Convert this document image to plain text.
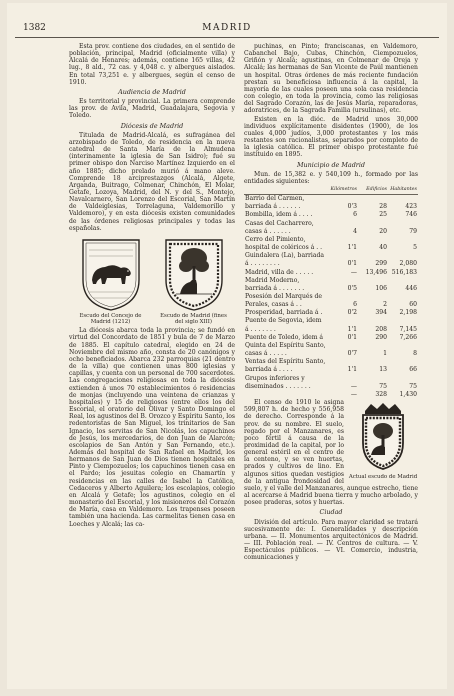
1382	MADRID

Esta prov. contiene dos ciudades, en el sentido de población, principal, Madrid (oficialmente villa) y Alcalá de Henares; además, contiene 165 villas, 42 lug., 8 ald., 72 cas. y 4,048 c. y albergues aislados. En total 73,251 e. y albergues, según el censo de 1910.

Audiencia de Madrid

Es territorial y provincial. La primera comprende las prov. de Avila, Madrid, Guadalajara, Segovia y Toledo.

Diócesis de Madrid

Titulada de Madrid-Alcalá, es sufragánea del arzobispado de Toledo, de residencia en la nueva catedral de Santa María de la Almudena (interinamente la iglesia de San Isidro); fué su primer obispo don Narciso Martínez Izquierdo en el año 1885; dicho prelado murió á mano aleve. Comprende 18 arciprestazgos (Alcalá, Algete, Arganda, Buitrago, Colmenar, Chinchón, El Molar, Getafe, Lozoya, Madrid, del N. y del S., Montejo, Navalcarnero, San Lorenzo del Escorial, San Martín de Valdeiglesias, Torrelaguna, Valdemorillo y Valdemoro), y en esta diócesis existen comunidades de las órdenes religiosas principales y todas las españolas.

Escudo del Concejo de Madrid (1212)
Escudo de Madrid (fines del siglo XIII)

La diócesis abarca toda la provincia; se fundó en virtud del Concordato de 1851 y bula de 7 de Marzo de 1885. El capítulo catedral, elegido en 24 de Noviembre del mismo año, consta de 20 canónigos y ocho beneficiados. Abarca 232 parroquias (21 dentro de la villa) que contienen unas 800 iglesias y capillas, y cuenta con un personal de 700 sacerdotes. Las congregaciones religiosas en toda la diócesis extienden á unos 70 establecimientos ó residencias de monjas (incluyendo una veintena de crianzas y hospitales) y 15 de religiosos (entre ellos los del Escorial, el oratorio del Olivar y Santo Domingo el Real, los agustinos del B. Orozco y Espíritu Santo, los redentoristas de San Miguel, los trinitarios de San Ignacio, los servitas de San Nicolás, los capuchinos de Jesús, los mercedarios, de don Juan de Alarcón; escolapios de San Antón y San Fernando, etc.). Además del hospital de San Rafael en Madrid, los hermanos de San Juan de Dios tienen hospitales en Pinto y Ciempozuelos; los capuchinos tienen casa en el Pardo; los jesuitas colegio en Chamartín y residencias en las calles de Isabel la Católica, Cedaceros y Alberto Aguilera; los escolapios, colegio en Alcalá y Getafe; los agustinos, colegio en el monasterio del Escorial, y los misioneros del Corazón de María, casa en Valdemoro. Los trapenses poseen también una hacienda. Las carmelitas tienen casa en Loeches y Alcalá; las ca-

puchinas, en Pinto; franciscanas, en Valdemoro, Cabanchel Bajo, Cubas, Chinchón, Ciempozuelos, Griñón y Alcalá; agustinas, en Colmenar de Oreja y Alcalá; las hermanas de San Vicente de Paúl mantienen un hospital. Otras órdenes de más reciente fundación prestan su beneficiosa influencia á la capital, la mayoría de las cuales poseen una sola casa residencia con colegio, en toda la provincia, como las religiosas del Sagrado Corazón, las de Jesús María, reparadoras, adoratrices, de la Sagrada Familia (ursulinas), etc.

Existen en la dióc. de Madrid unos 30,000 individuos explícitamente disidentes (1900), de los cuales 4,000 judíos, 3,000 protestantes y los más restantes son racionalistas, separados por completo de la iglesia católica. El primer obispo protestante fué instituido en 1895.

Municipio de Madrid

Mun. de 15,382 e. y 540,109 h., formado por las entidades siguientes:

	Kilómetros	Edificios	Habitantes
Barrio del Carmen, barriada á . . . . . .	0'3	28	423
Bombilla, idem á . . . .	6	25	746
Casas del Cacharrero, casas á . . . . . .	4	20	79
Cerro del Pimiento, hospital de coléricos á . .	1'1	40	5
Guindalera (La), barriada á . . . . . . . .	0'1	299	2,080
Madrid, villa de . . . . .	—	13,496	516,183
Madrid Moderno, barriada á . . . . . . .	0'5	106	446
Posesión del Marqués de Perales, casas á . .	6	2	60
Prosperidad, barriada á .	0'2	394	2,198
Puente de Segovia, idem á . . . . . . .	1'1	208	7,145
Puente de Toledo, idem á	0'1	290	7,266
Quinta del Espíritu Santo, casas á . . . . .	0'7	1	8
Ventas del Espíritu Santo, barriada á . . . .	1'1	13	66
Grupos inferiores y diseminados . . . . . . .	—	75	75
	—	328	1,430
Actual escudo de Madrid

El censo de 1910 le asigna 599,807 h. de hecho y 556,958 de derecho. Corresponde á la prov. de su nombre. El suelo, regado por el Manzanares, es poco fértil á causa de la proximidad de la capital, por lo general estéril en el centro de la centeno, y se ven huertas, prados y cultivos de lino. En algunos sitios quedan vestigios de la antigua frondosidad del suelo, y el valle del Manzanares, aunque estrecho, tiene al acercarse á Madrid buena tierra y mucho arbolado, y posee praderas, sotos y huertas.

Ciudad

División del artículo. Para mayor claridad se tratará sucesivamente de: I. Generalidades y descripción urbana. — II. Monumentos arquitectónicos de Madrid. — III. Población real. — IV. Centros de cultura. — V. Espectáculos públicos. — VI. Comercio, industria, comunicaciones y
